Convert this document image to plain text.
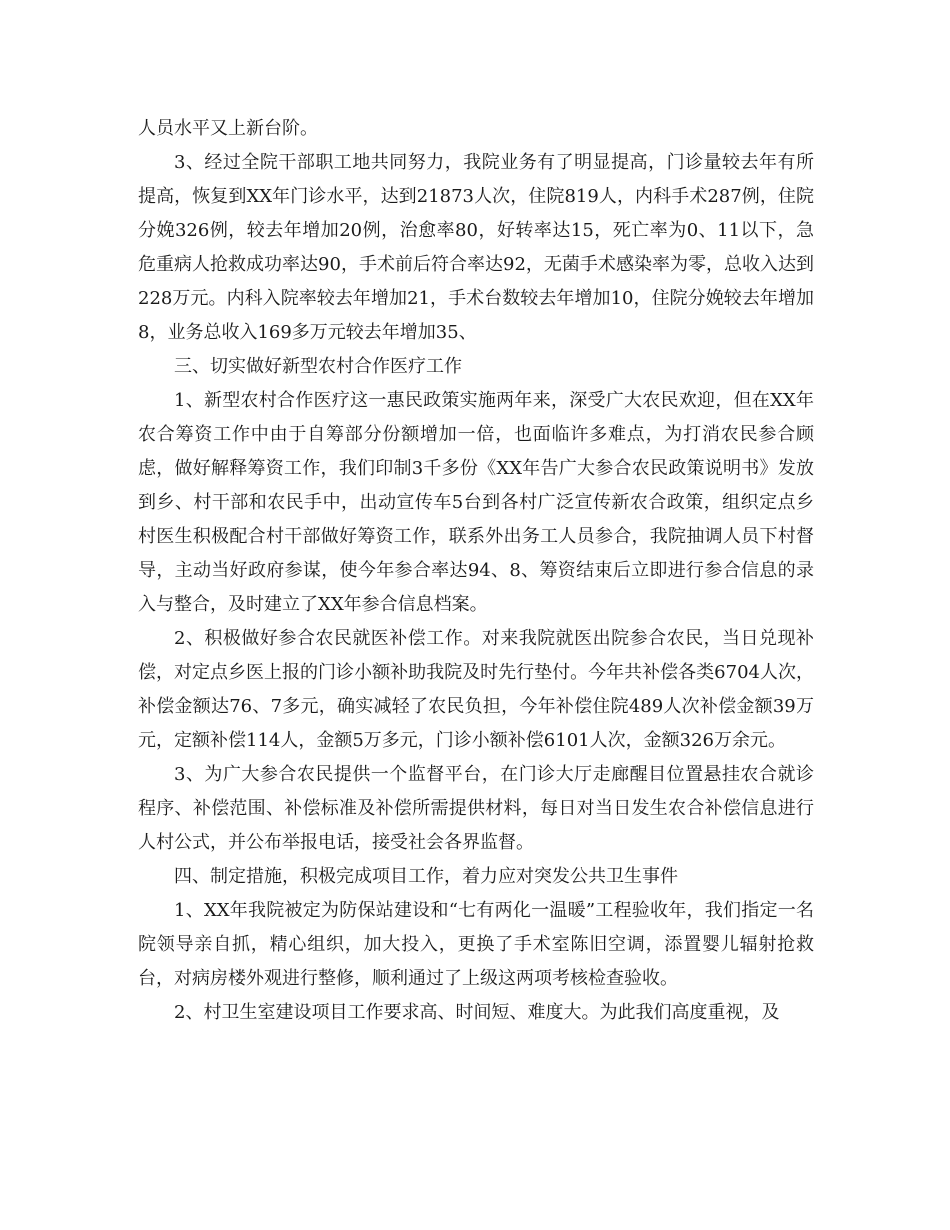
人员水平又上新台阶。

3、经过全院干部职工地共同努力，我院业务有了明显提高，门诊量较去年有所提高，恢复到XX年门诊水平，达到21873人次，住院819人，内科手术287例，住院分娩326例，较去年增加20例，治愈率80，好转率达15，死亡率为0、11以下，急危重病人抢救成功率达90，手术前后符合率达92，无菌手术感染率为零，总收入达到228万元。内科入院率较去年增加21，手术台数较去年增加10，住院分娩较去年增加8，业务总收入169多万元较去年增加35、

三、切实做好新型农村合作医疗工作

1、新型农村合作医疗这一惠民政策实施两年来，深受广大农民欢迎，但在XX年农合筹资工作中由于自筹部分份额增加一倍，也面临许多难点，为打消农民参合顾虑，做好解释筹资工作，我们印制3千多份《XX年告广大参合农民政策说明书》发放到乡、村干部和农民手中，出动宣传车5台到各村广泛宣传新农合政策，组织定点乡村医生积极配合村干部做好筹资工作，联系外出务工人员参合，我院抽调人员下村督导，主动当好政府参谋，使今年参合率达94、8、筹资结束后立即进行参合信息的录入与整合，及时建立了XX年参合信息档案。

2、积极做好参合农民就医补偿工作。对来我院就医出院参合农民，当日兑现补偿，对定点乡医上报的门诊小额补助我院及时先行垫付。今年共补偿各类6704人次，补偿金额达76、7多元，确实减轻了农民负担，今年补偿住院489人次补偿金额39万元，定额补偿114人，金额5万多元，门诊小额补偿6101人次，金额326万余元。

3、为广大参合农民提供一个监督平台，在门诊大厅走廊醒目位置悬挂农合就诊程序、补偿范围、补偿标准及补偿所需提供材料，每日对当日发生农合补偿信息进行人村公式，并公布举报电话，接受社会各界监督。

四、制定措施，积极完成项目工作，着力应对突发公共卫生事件

1、XX年我院被定为防保站建设和“七有两化一温暖”工程验收年，我们指定一名院领导亲自抓，精心组织，加大投入，更换了手术室陈旧空调，添置婴儿辐射抢救台，对病房楼外观进行整修，顺利通过了上级这两项考核检查验收。

2、村卫生室建设项目工作要求高、时间短、难度大。为此我们高度重视，及
